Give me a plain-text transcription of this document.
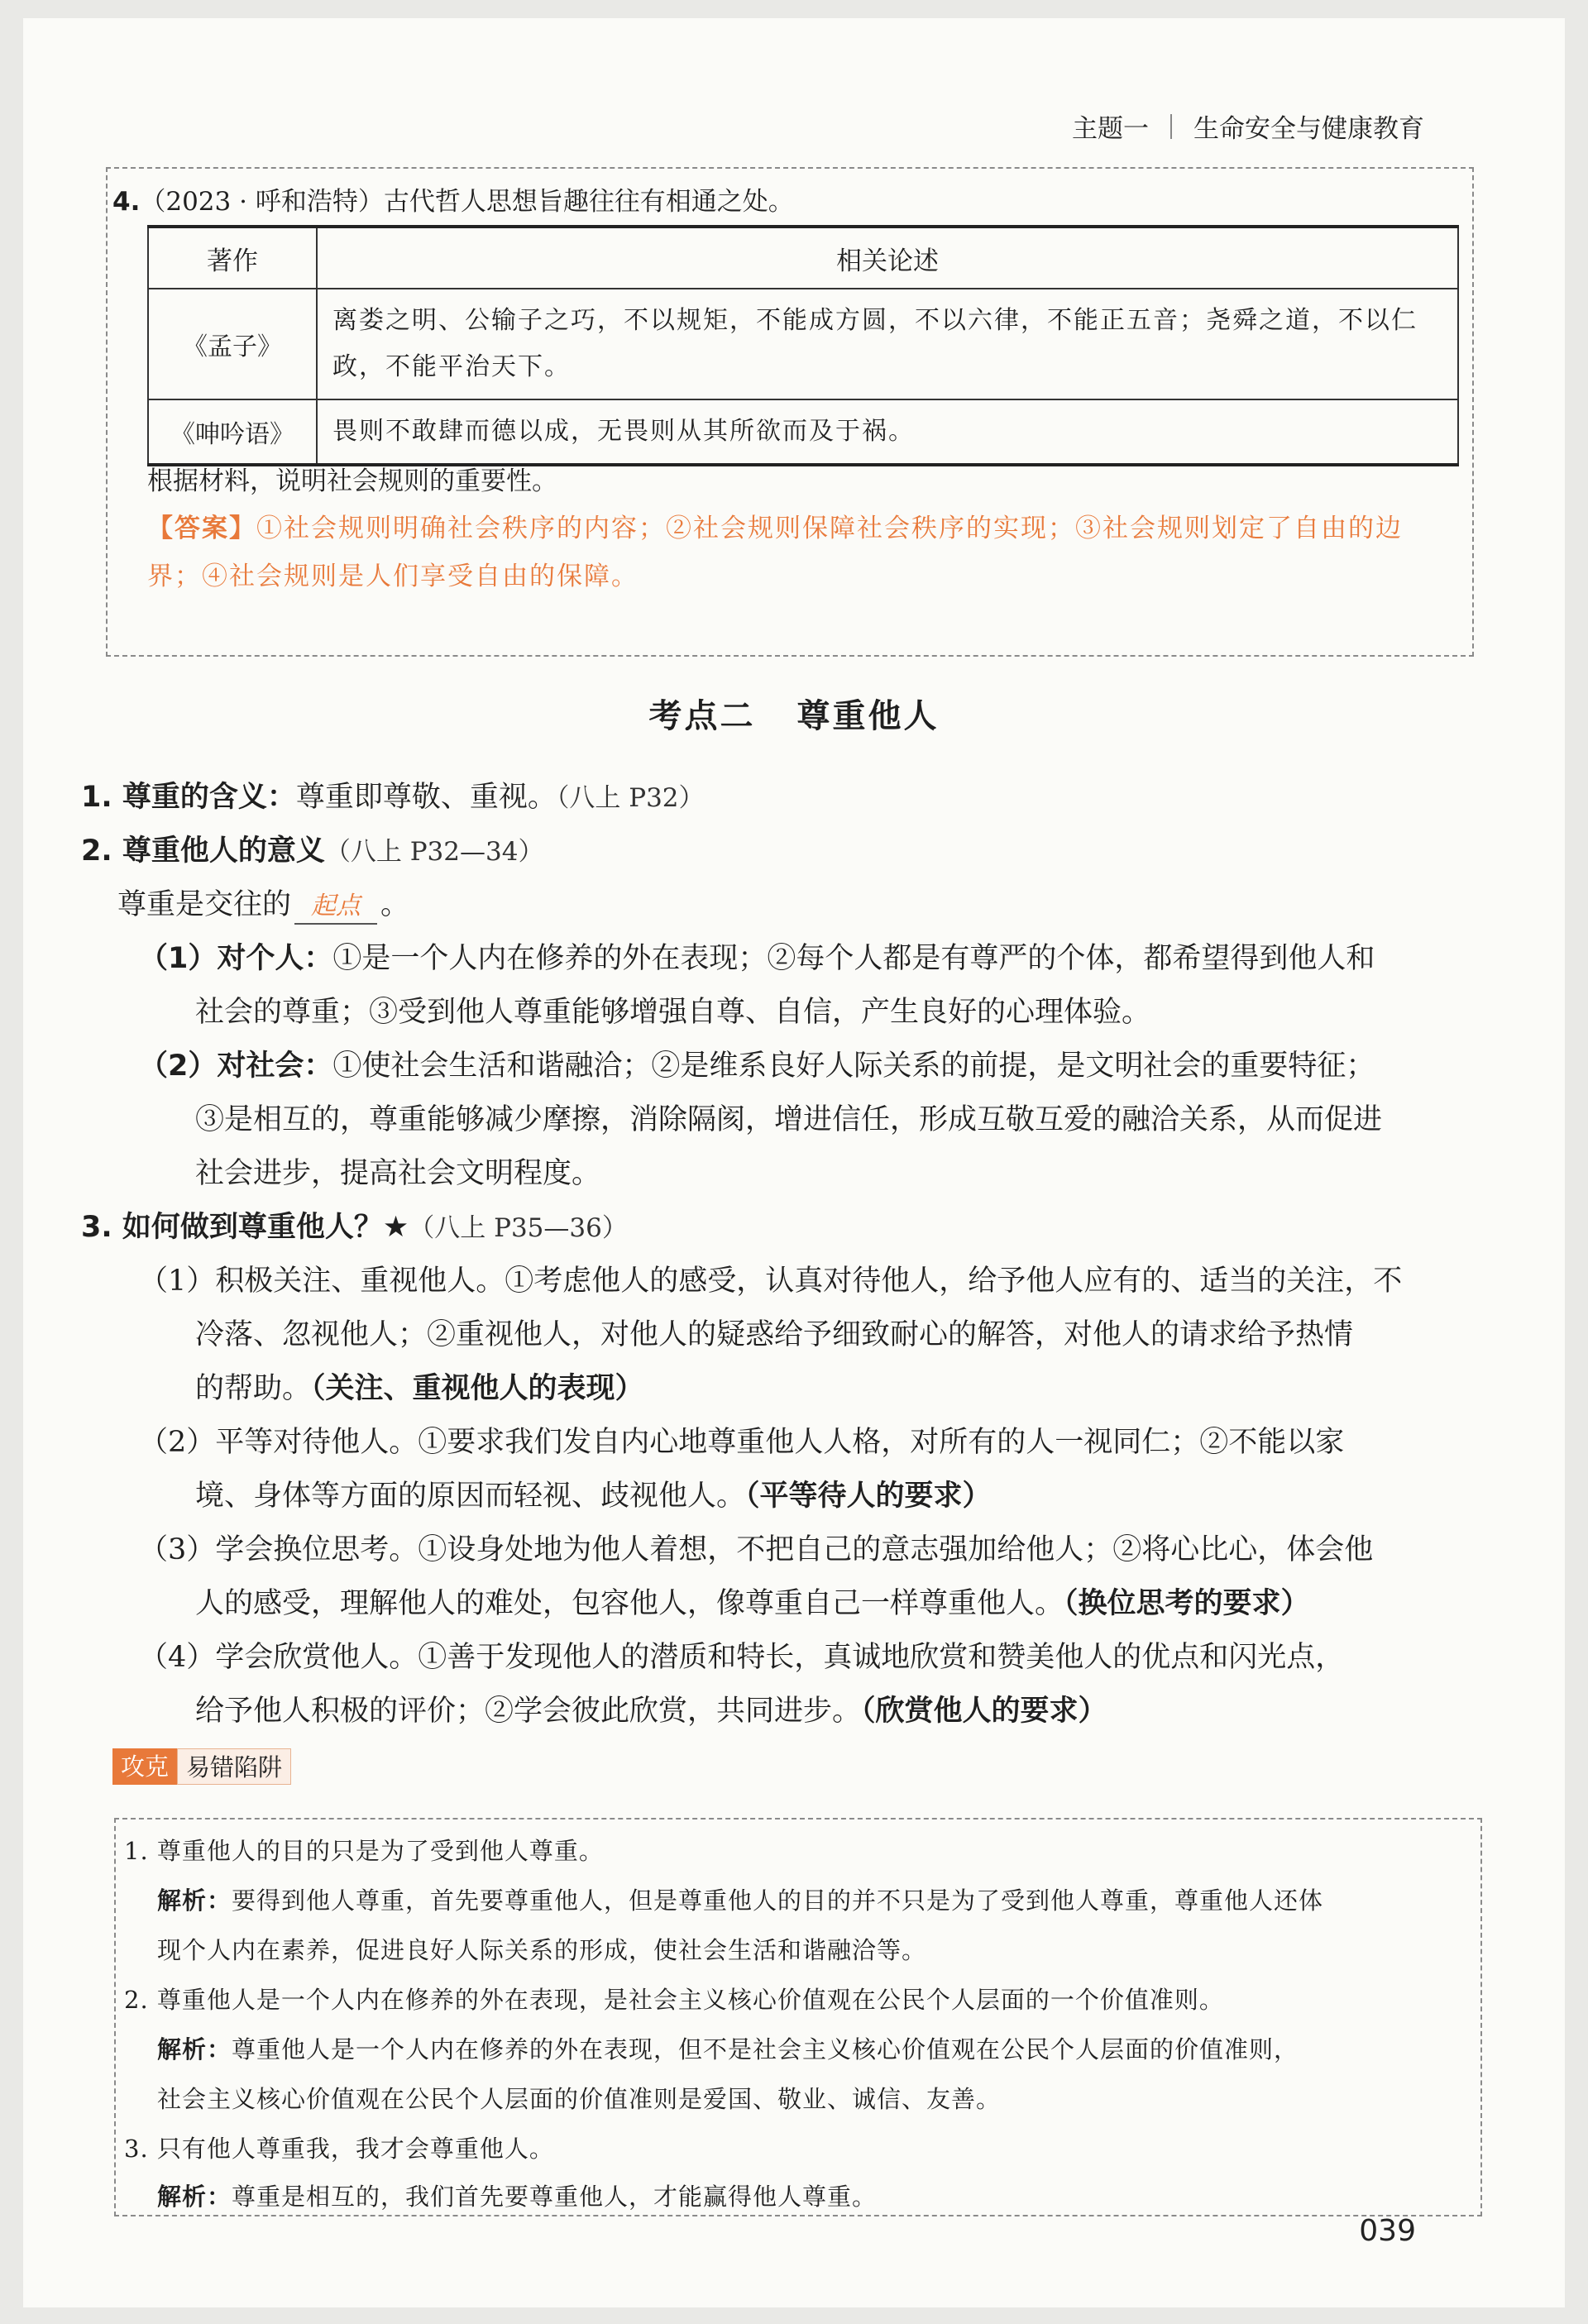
主题一 生命安全与健康教育
4.（2023 · 呼和浩特）古代哲人思想旨趣往往有相通之处。
著作	相关论述
《孟子》	离娄之明、公输子之巧，不以规矩，不能成方圆，不以六律，不能正五音；尧舜之道，不以仁
政，不能平治天下。
《呻吟语》	畏则不敢肆而德以成，无畏则从其所欲而及于祸。
根据材料，说明社会规则的重要性。
【答案】①社会规则明确社会秩序的内容；②社会规则保障社会秩序的实现；③社会规则划定了自由的边
界；④社会规则是人们享受自由的保障。
考点二 尊重他人
1. 尊重的含义：尊重即尊敬、重视。（八上 P32）
2. 尊重他人的意义（八上 P32—34）
尊重是交往的 起点 。
（1）对个人：①是一个人内在修养的外在表现；②每个人都是有尊严的个体，都希望得到他人和
社会的尊重；③受到他人尊重能够增强自尊、自信，产生良好的心理体验。
（2）对社会：①使社会生活和谐融洽；②是维系良好人际关系的前提，是文明社会的重要特征；
③是相互的，尊重能够减少摩擦，消除隔阂，增进信任，形成互敬互爱的融洽关系，从而促进
社会进步，提高社会文明程度。
3. 如何做到尊重他人？★（八上 P35—36）
（1）积极关注、重视他人。①考虑他人的感受，认真对待他人，给予他人应有的、适当的关注，不
冷落、忽视他人；②重视他人，对他人的疑惑给予细致耐心的解答，对他人的请求给予热情
的帮助。（关注、重视他人的表现）
（2）平等对待他人。①要求我们发自内心地尊重他人人格，对所有的人一视同仁；②不能以家
境、身体等方面的原因而轻视、歧视他人。（平等待人的要求）
（3）学会换位思考。①设身处地为他人着想，不把自己的意志强加给他人；②将心比心，体会他
人的感受，理解他人的难处，包容他人，像尊重自己一样尊重他人。（换位思考的要求）
（4）学会欣赏他人。①善于发现他人的潜质和特长，真诚地欣赏和赞美他人的优点和闪光点，
给予他人积极的评价；②学会彼此欣赏，共同进步。（欣赏他人的要求）
攻克 易错陷阱
1. 尊重他人的目的只是为了受到他人尊重。
解析：要得到他人尊重，首先要尊重他人，但是尊重他人的目的并不只是为了受到他人尊重，尊重他人还体
现个人内在素养，促进良好人际关系的形成，使社会生活和谐融洽等。
2. 尊重他人是一个人内在修养的外在表现，是社会主义核心价值观在公民个人层面的一个价值准则。
解析：尊重他人是一个人内在修养的外在表现，但不是社会主义核心价值观在公民个人层面的价值准则，
社会主义核心价值观在公民个人层面的价值准则是爱国、敬业、诚信、友善。
3. 只有他人尊重我，我才会尊重他人。
解析：尊重是相互的，我们首先要尊重他人，才能赢得他人尊重。
039
